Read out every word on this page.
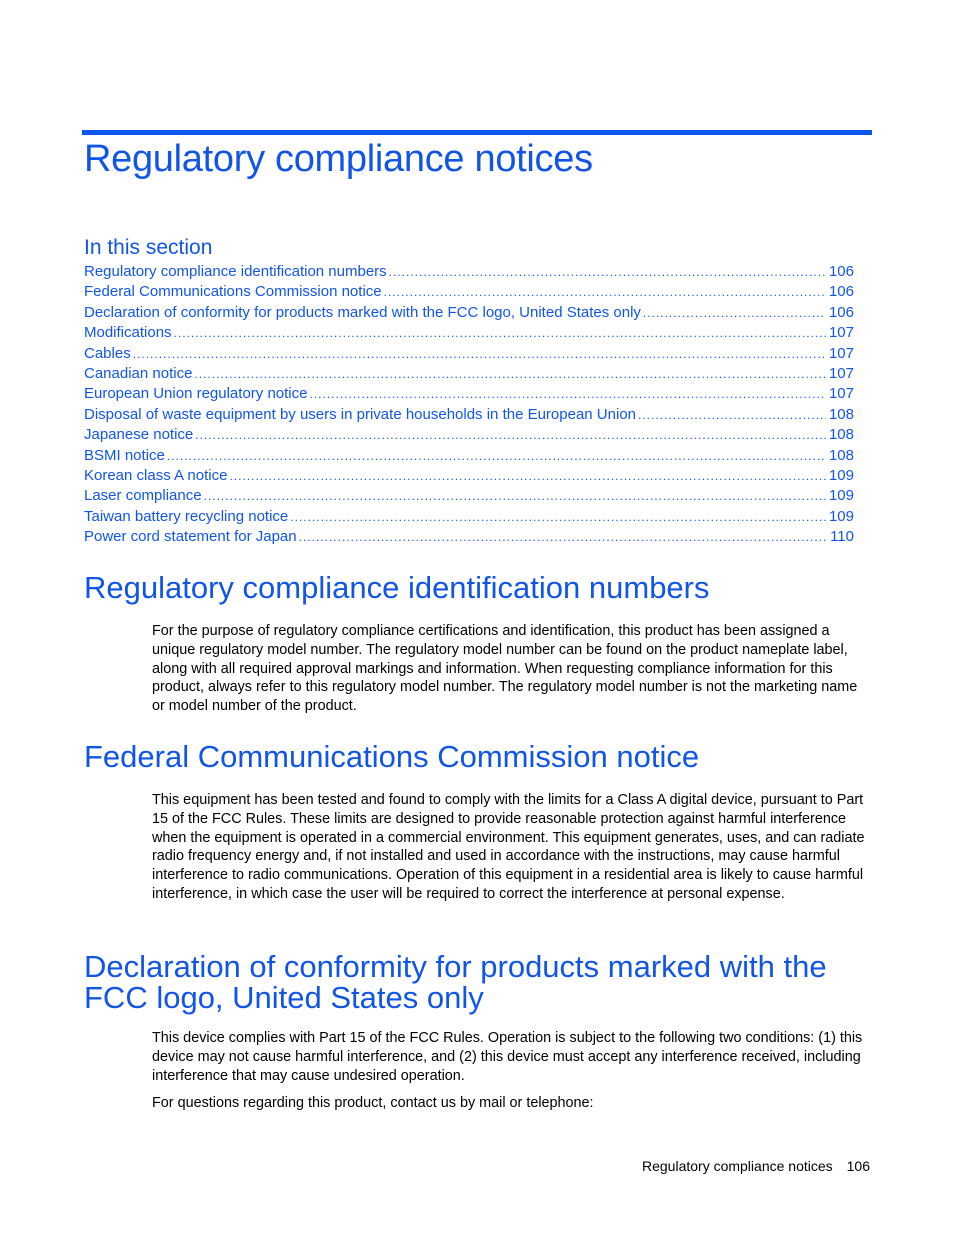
Regulatory compliance notices
In this section
Regulatory compliance identification numbers .....	106
Federal Communications Commission notice .....	106
Declaration of conformity for products marked with the FCC logo, United States only .....	106
Modifications .....	107
Cables .....	107
Canadian notice .....	107
European Union regulatory notice .....	107
Disposal of waste equipment by users in private households in the European Union .....	108
Japanese notice .....	108
BSMI notice .....	108
Korean class A notice .....	109
Laser compliance .....	109
Taiwan battery recycling notice .....	109
Power cord statement for Japan .....	110
Regulatory compliance identification numbers

For the purpose of regulatory compliance certifications and identification, this product has been assigned a unique regulatory model number. The regulatory model number can be found on the product nameplate label, along with all required approval markings and information. When requesting compliance information for this product, always refer to this regulatory model number. The regulatory model number is not the marketing name or model number of the product.

Federal Communications Commission notice

This equipment has been tested and found to comply with the limits for a Class A digital device, pursuant to Part 15 of the FCC Rules. These limits are designed to provide reasonable protection against harmful interference when the equipment is operated in a commercial environment. This equipment generates, uses, and can radiate radio frequency energy and, if not installed and used in accordance with the instructions, may cause harmful interference to radio communications. Operation of this equipment in a residential area is likely to cause harmful interference, in which case the user will be required to correct the interference at personal expense.

Declaration of conformity for products marked with the FCC logo, United States only

This device complies with Part 15 of the FCC Rules. Operation is subject to the following two conditions: (1) this device may not cause harmful interference, and (2) this device must accept any interference received, including interference that may cause undesired operation.

For questions regarding this product, contact us by mail or telephone:

Regulatory compliance notices 106
